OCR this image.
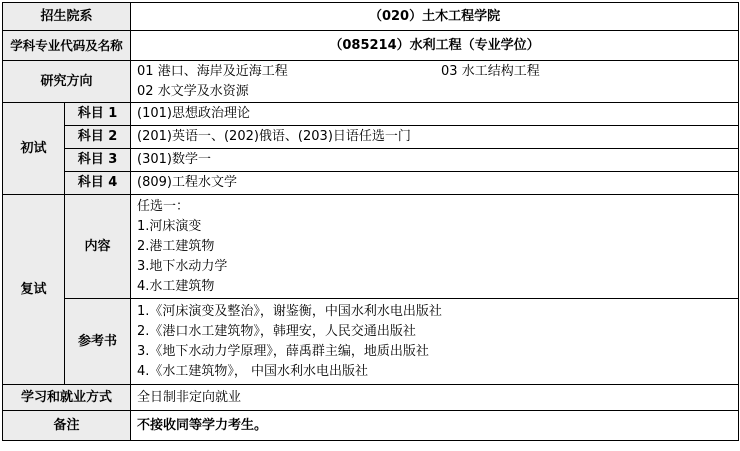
招生院系		（020）土木工程学院
学科专业代码及名称		（085214）水利工程（专业学位）
研究方向		01 港口、海岸及近海工程 03 水工结构工程
02 水文学及水资源

初试	科目 1	(101)思想政治理论
	科目 2	(201)英语一、(202)俄语、(203)日语任选一门
	科目 3	(301)数学一
	科目 4	(809)工程水文学
复试	内容	任选一：
1.河床演变
2.港工建筑物
3.地下水动力学
4.水工建筑物

	参考书	1.《河床演变及整治》，谢鉴衡，中国水利水电出版社
2.《港口水工建筑物》，韩理安，人民交通出版社
3.《地下水动力学原理》，薛禹群主编，地质出版社
4.《水工建筑物》， 中国水利水电出版社

学习和就业方式		全日制非定向就业
备注		不接收同等学力考生。
